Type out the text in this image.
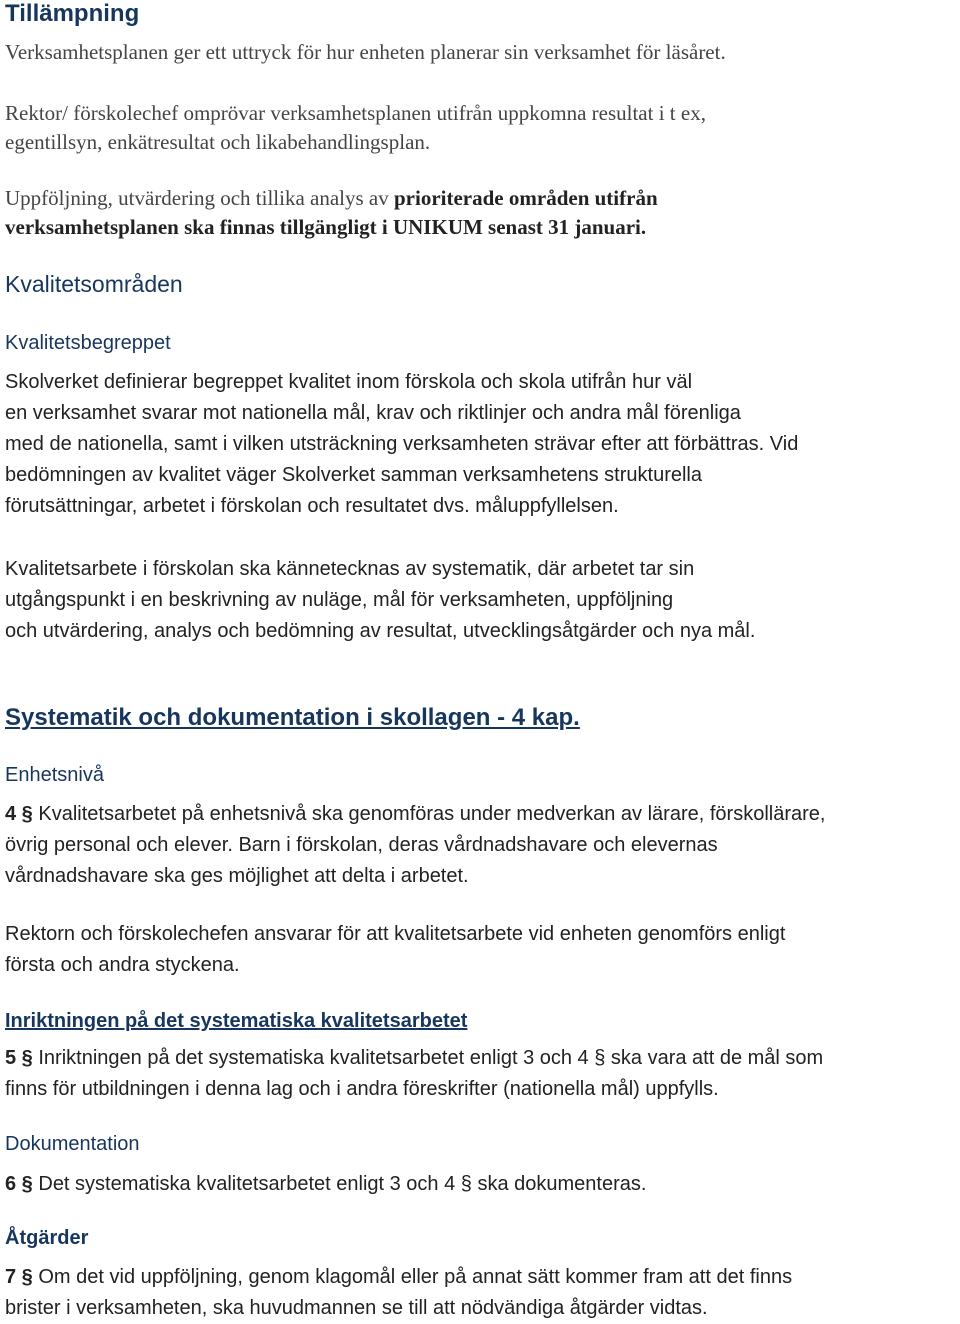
Tillämpning
Verksamhetsplanen ger ett uttryck för hur enheten planerar sin verksamhet för läsåret.
Rektor/ förskolechef omprövar verksamhetsplanen utifrån uppkomna resultat i t ex,
egentillsyn, enkätresultat och likabehandlingsplan.
Uppföljning, utvärdering och tillika analys av prioriterade områden utifrån
verksamhetsplanen ska finnas tillgängligt i UNIKUM senast 31 januari.
Kvalitetsområden
Kvalitetsbegreppet
Skolverket definierar begreppet kvalitet inom förskola och skola utifrån hur väl
en verksamhet svarar mot nationella mål, krav och riktlinjer och andra mål förenliga
med de nationella, samt i vilken utsträckning verksamheten strävar efter att förbättras. Vid
bedömningen av kvalitet väger Skolverket samman verksamhetens strukturella
förutsättningar, arbetet i förskolan och resultatet dvs. måluppfyllelsen.
Kvalitetsarbete i förskolan ska kännetecknas av systematik, där arbetet tar sin
utgångspunkt i en beskrivning av nuläge, mål för verksamheten, uppföljning
och utvärdering, analys och bedömning av resultat, utvecklingsåtgärder och nya mål.
Systematik och dokumentation i skollagen - 4 kap.
Enhetsnivå
4 § Kvalitetsarbetet på enhetsnivå ska genomföras under medverkan av lärare, förskollärare,
övrig personal och elever. Barn i förskolan, deras vårdnadshavare och elevernas
vårdnadshavare ska ges möjlighet att delta i arbetet.
Rektorn och förskolechefen ansvarar för att kvalitetsarbete vid enheten genomförs enligt
första och andra styckena.
Inriktningen på det systematiska kvalitetsarbetet
5 § Inriktningen på det systematiska kvalitetsarbetet enligt 3 och 4 § ska vara att de mål som
finns för utbildningen i denna lag och i andra föreskrifter (nationella mål) uppfylls.
Dokumentation
6 § Det systematiska kvalitetsarbetet enligt 3 och 4 § ska dokumenteras.
Åtgärder
7 § Om det vid uppföljning, genom klagomål eller på annat sätt kommer fram att det finns
brister i verksamheten, ska huvudmannen se till att nödvändiga åtgärder vidtas.
